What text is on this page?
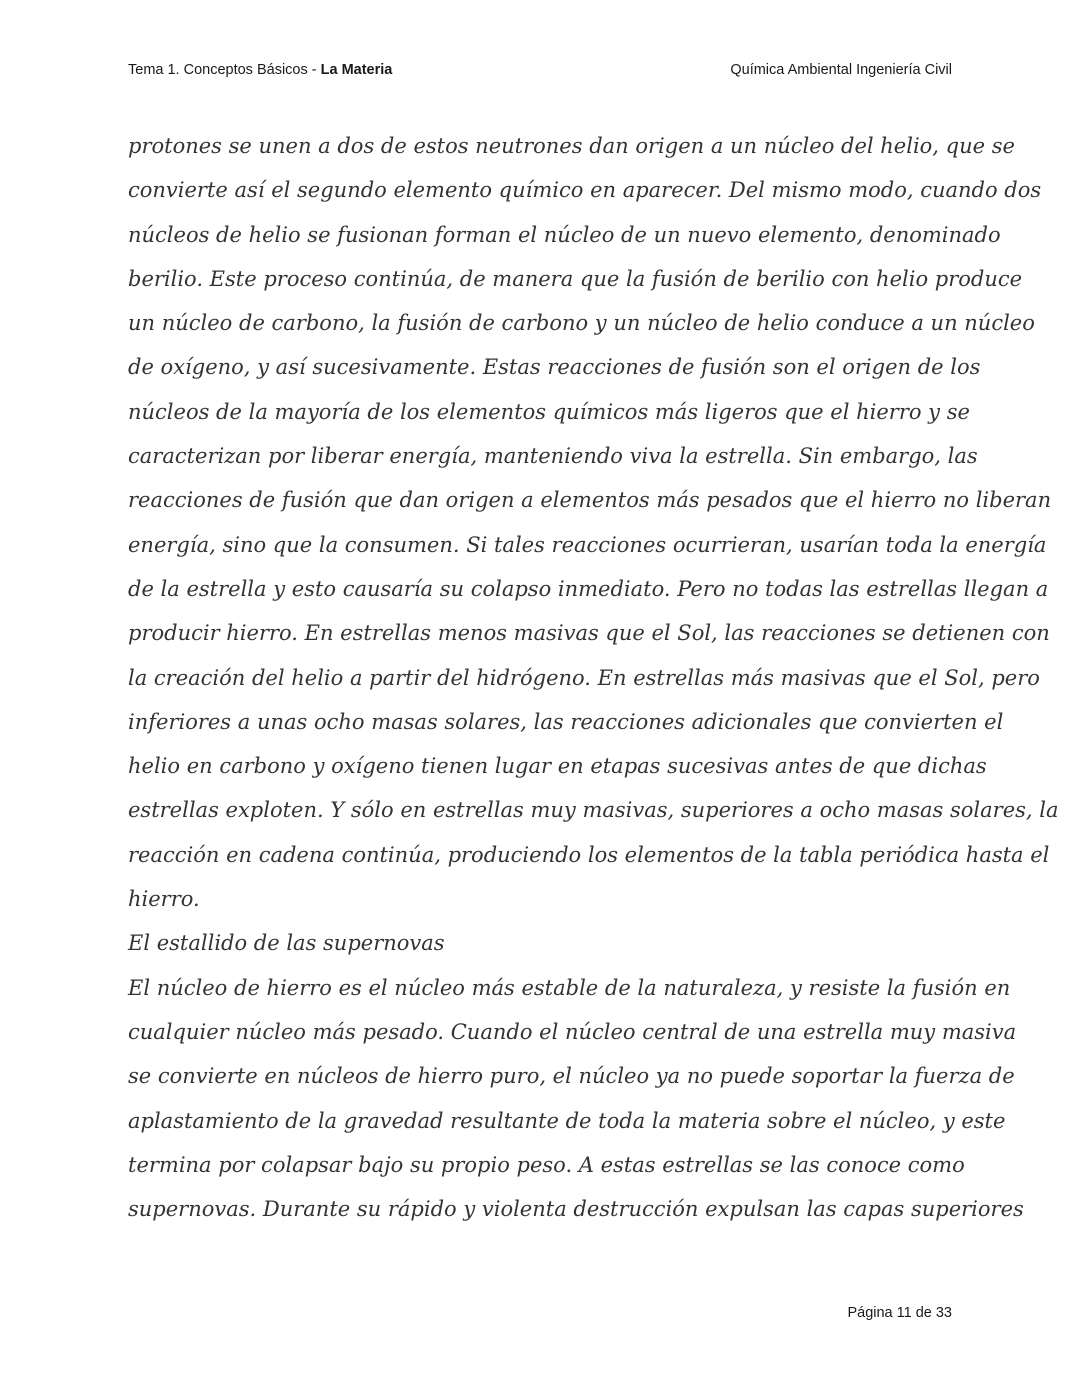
Tema 1. Conceptos Básicos - La Materia	Química Ambiental Ingeniería Civil
protones se unen a dos de estos neutrones dan origen a un núcleo del helio, que se
convierte así el segundo elemento químico en aparecer. Del mismo modo, cuando dos
núcleos de helio se fusionan forman el núcleo de un nuevo elemento, denominado
berilio. Este proceso continúa, de manera que la fusión de berilio con helio produce
un núcleo de carbono, la fusión de carbono y un núcleo de helio conduce a un núcleo
de oxígeno, y así sucesivamente. Estas reacciones de fusión son el origen de los
núcleos de la mayoría de los elementos químicos más ligeros que el hierro y se
caracterizan por liberar energía, manteniendo viva la estrella. Sin embargo, las
reacciones de fusión que dan origen a elementos más pesados que el hierro no liberan
energía, sino que la consumen. Si tales reacciones ocurrieran, usarían toda la energía
de la estrella y esto causaría su colapso inmediato. Pero no todas las estrellas llegan a
producir hierro. En estrellas menos masivas que el Sol, las reacciones se detienen con
la creación del helio a partir del hidrógeno. En estrellas más masivas que el Sol, pero
inferiores a unas ocho masas solares, las reacciones adicionales que convierten el
helio en carbono y oxígeno tienen lugar en etapas sucesivas antes de que dichas
estrellas exploten. Y sólo en estrellas muy masivas, superiores a ocho masas solares, la
reacción en cadena continúa, produciendo los elementos de la tabla periódica hasta el
hierro.
El estallido de las supernovas
El núcleo de hierro es el núcleo más estable de la naturaleza, y resiste la fusión en
cualquier núcleo más pesado. Cuando el núcleo central de una estrella muy masiva
se convierte en núcleos de hierro puro, el núcleo ya no puede soportar la fuerza de
aplastamiento de la gravedad resultante de toda la materia sobre el núcleo, y este
termina por colapsar bajo su propio peso. A estas estrellas se las conoce como
supernovas. Durante su rápido y violenta destrucción expulsan las capas superiores
Página 11 de 33
